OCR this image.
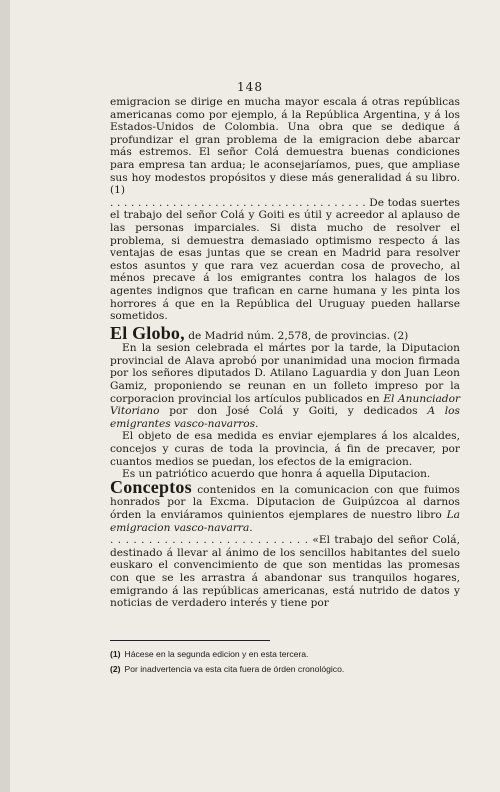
148

emigracion se dirige en mucha mayor escala á otras repúblicas americanas como por ejemplo, á la República Argentina, y á los Estados-Unidos de Colombia. Una obra que se dedique á profundizar el gran problema de la emigracion debe abarcar más estremos. El señor Colá demuestra buenas condiciones para empresa tan ardua; le aconsejaríamos, pues, que ampliase sus hoy modestos propósitos y diese más generalidad á su libro. (1)

. . . . . . . . . . . . . . . . . . . . . . . . . . . . . . . . . . . . . De todas suertes el trabajo del señor Colá y Goiti es útil y acreedor al aplauso de las personas imparciales. Si dista mucho de resolver el problema, si demuestra demasiado optimismo respecto á las ventajas de esas juntas que se crean en Madrid para resolver estos asuntos y que rara vez acuerdan cosa de provecho, al ménos precave á los emigrantes contra los halagos de los agentes indignos que trafican en carne humana y les pinta los horrores á que en la República del Uruguay pueden hallarse sometidos.

El Globo, de Madrid núm. 2,578, de provincias. (2)

En la sesion celebrada el mártes por la tarde, la Diputacion provincial de Alava aprobó por unanimidad una mocion firmada por los señores diputados D. Atilano Laguardia y don Juan Leon Gamiz, proponiendo se reunan en un folleto impreso por la corporacion provincial los artículos publicados en El Anunciador Vitoriano por don José Colá y Goiti, y dedicados A los emigrantes vasco-navarros.

El objeto de esa medida es enviar ejemplares á los alcaldes, concejos y curas de toda la provincia, á fin de precaver, por cuantos medios se puedan, los efectos de la emigracion.

Es un patriótico acuerdo que honra á aquella Diputacion.

Conceptos contenidos en la comunicacion con que fuimos honrados por la Excma. Diputacion de Guipúzcoa al darnos órden la enviáramos quinientos ejemplares de nuestro libro La emigracion vasco-navarra.

. . . . . . . . . . . . . . . . . . . . . . . . . . «El trabajo del señor Colá, destinado á llevar al ánimo de los sencillos habitantes del suelo euskaro el convencimiento de que son mentidas las promesas con que se les arrastra á abandonar sus tranquilos hogares, emigrando á las repúblicas americanas, está nutrido de datos y noticias de verdadero interés y tiene por

(1) Hácese en la segunda edicion y en esta tercera.

(2) Por inadvertencia va esta cita fuera de órden cronológico.
